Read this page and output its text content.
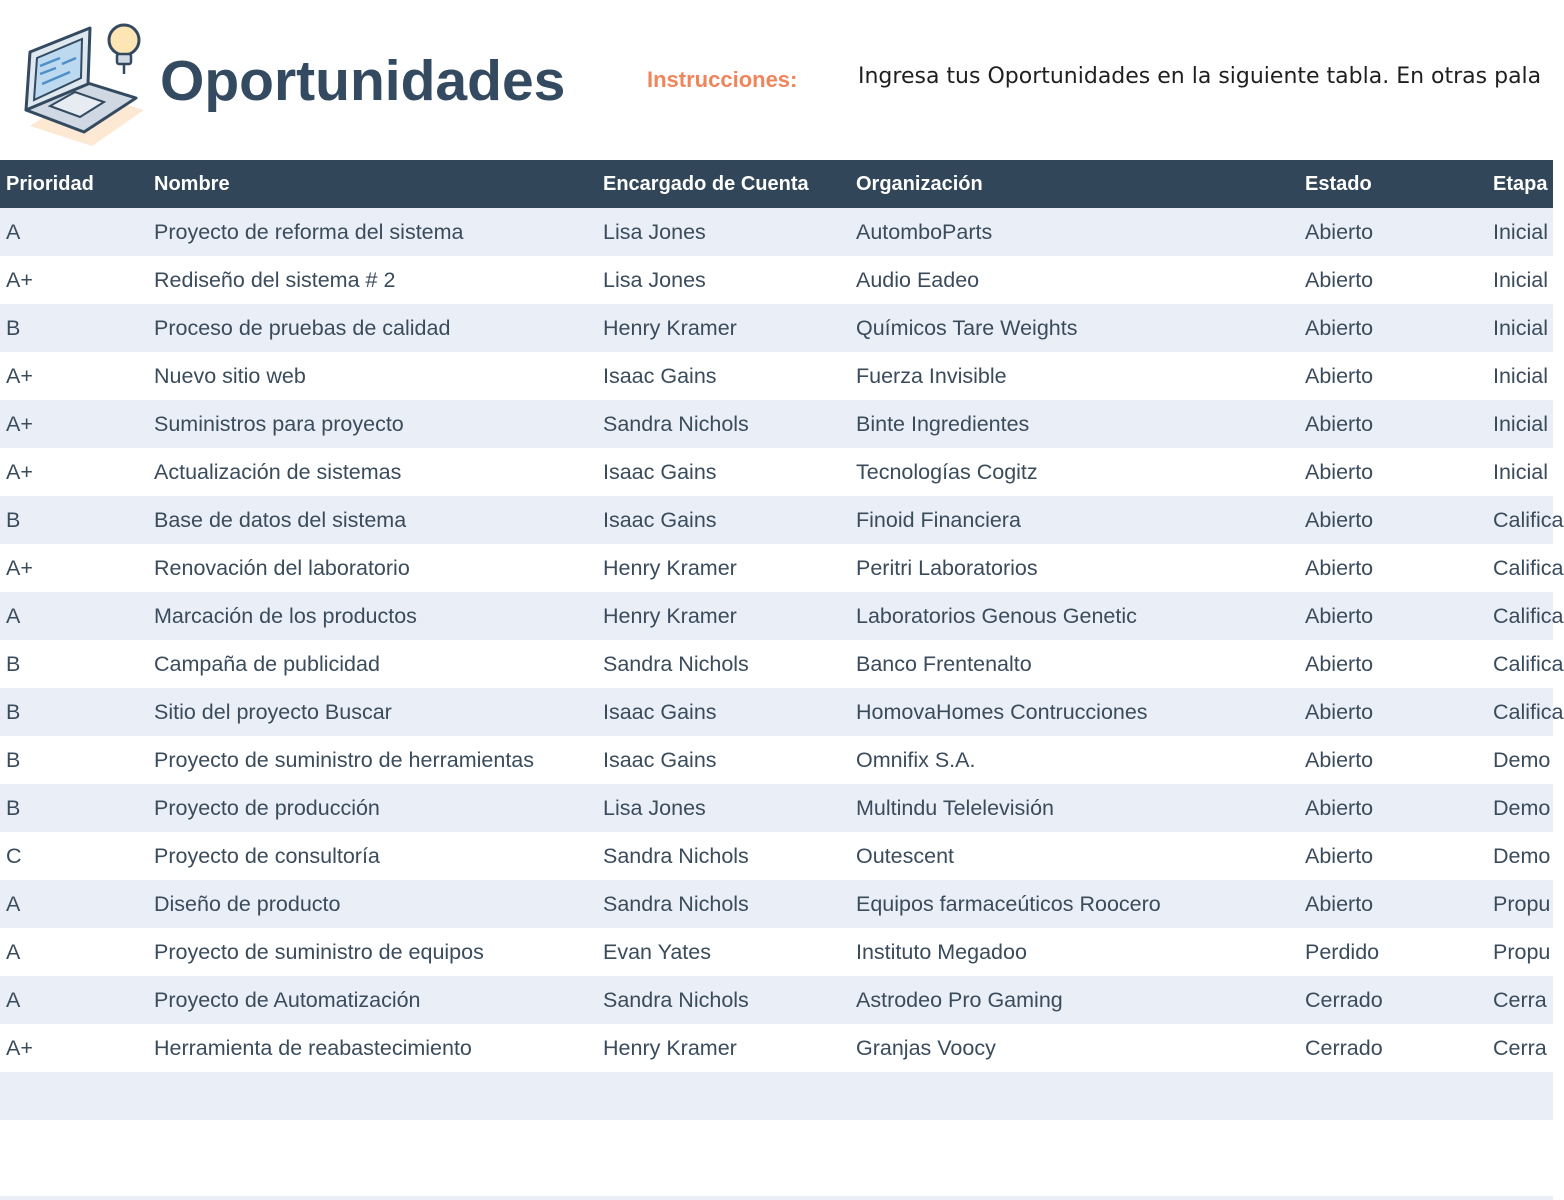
Oportunidades	Instrucciones:	Ingresa tus Oportunidades en la siguiente tabla. En otras pala
Prioridad	Nombre	Encargado de Cuenta	Organización	Estado	Etapa
A	Proyecto de reforma del sistema	Lisa Jones	AutomboParts	Abierto	Inicial
A+	Rediseño del sistema # 2	Lisa Jones	Audio Eadeo	Abierto	Inicial
B	Proceso de pruebas de calidad	Henry Kramer	Químicos Tare Weights	Abierto	Inicial
A+	Nuevo sitio web	Isaac Gains	Fuerza Invisible	Abierto	Inicial
A+	Suministros para proyecto	Sandra Nichols	Binte Ingredientes	Abierto	Inicial
A+	Actualización de sistemas	Isaac Gains	Tecnologías Cogitz	Abierto	Inicial
B	Base de datos del sistema	Isaac Gains	Finoid Financiera	Abierto	Califica
A+	Renovación del laboratorio	Henry Kramer	Peritri Laboratorios	Abierto	Califica
A	Marcación de los productos	Henry Kramer	Laboratorios Genous Genetic	Abierto	Califica
B	Campaña de publicidad	Sandra Nichols	Banco Frentenalto	Abierto	Califica
B	Sitio del proyecto Buscar	Isaac Gains	HomovaHomes Contrucciones	Abierto	Califica
B	Proyecto de suministro de herramientas	Isaac Gains	Omnifix S.A.	Abierto	Demo
B	Proyecto de producción	Lisa Jones	Multindu Telelevisión	Abierto	Demo
C	Proyecto de consultoría	Sandra Nichols	Outescent	Abierto	Demo
A	Diseño de producto	Sandra Nichols	Equipos farmaceúticos Roocero	Abierto	Propu
A	Proyecto de suministro de equipos	Evan Yates	Instituto Megadoo	Perdido	Propu
A	Proyecto de Automatización	Sandra Nichols	Astrodeo Pro Gaming	Cerrado	Cerra
A+	Herramienta de reabastecimiento	Henry Kramer	Granjas Voocy	Cerrado	Cerra
